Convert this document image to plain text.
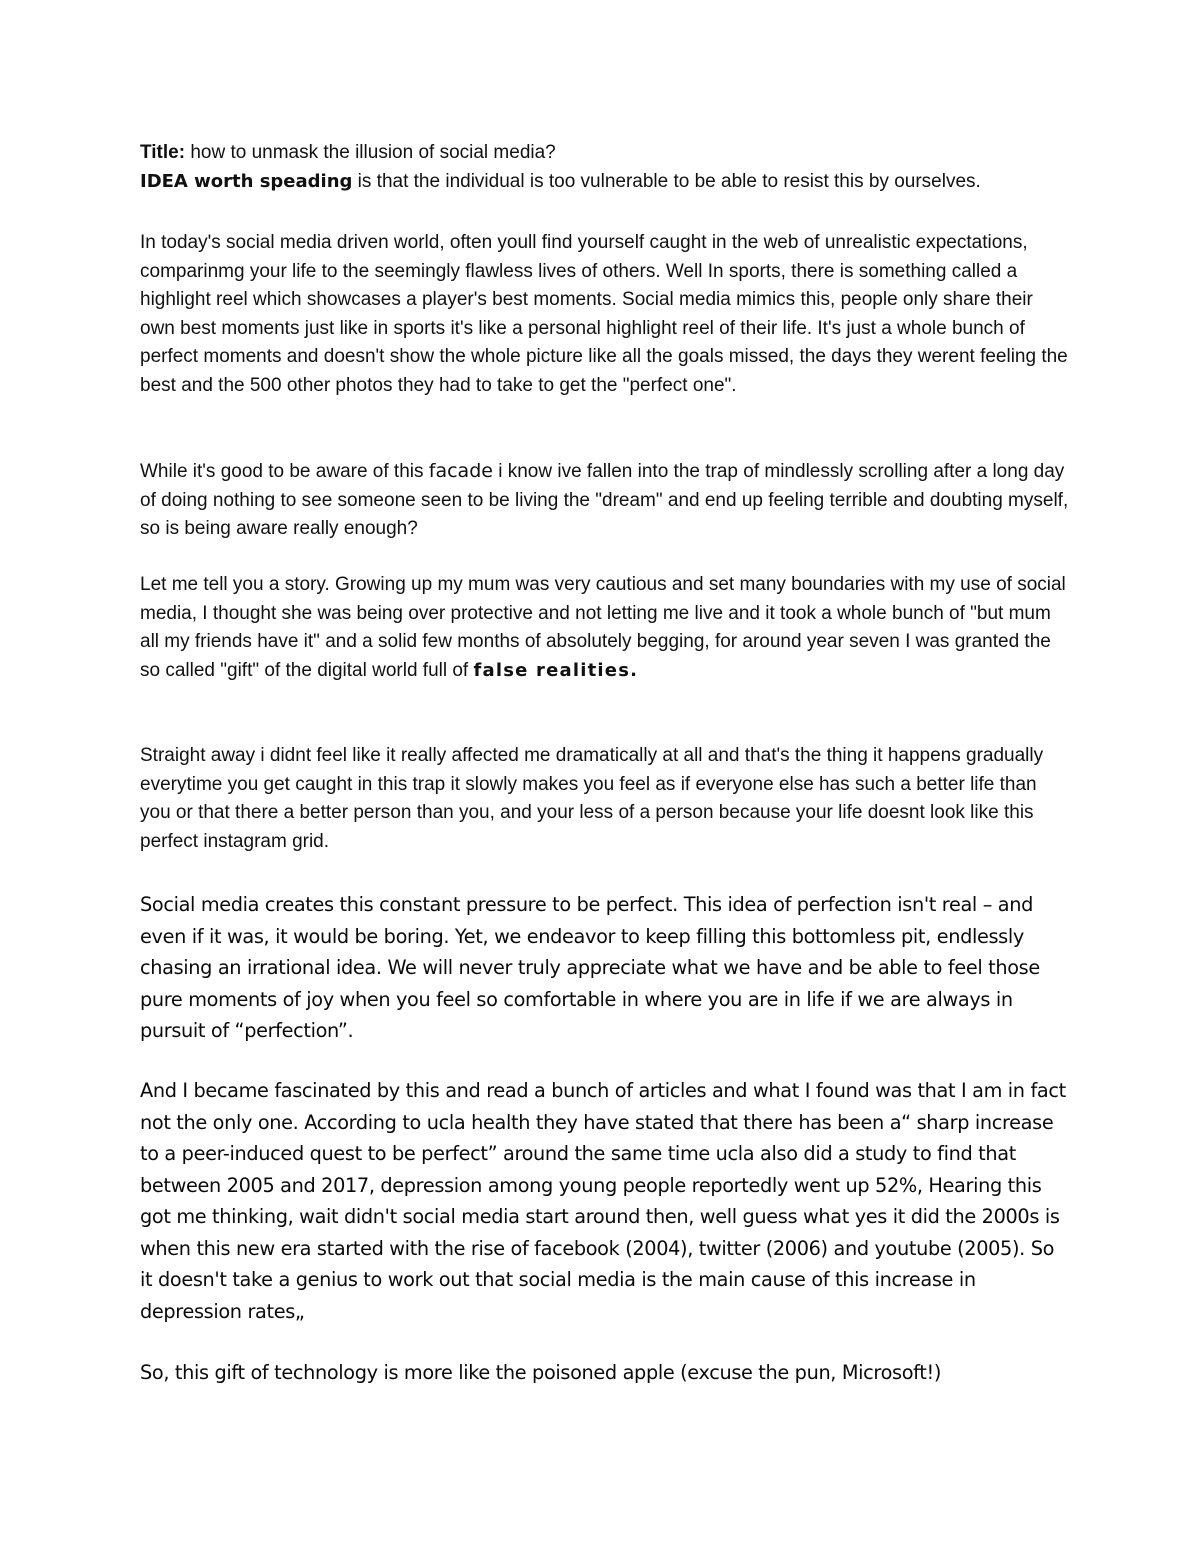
Title: how to unmask the illusion of social media?
IDEA worth speading is that the individual is too vulnerable to be able to resist this by ourselves.

In today's social media driven world, often youll find yourself caught in the web of unrealistic expectations, comparinmg your life to the seemingly flawless lives of others. Well In sports, there is something called a highlight reel which showcases a player's best moments. Social media mimics this, people only share their own best moments just like in sports it's like a personal highlight reel of their life. It's just a whole bunch of perfect moments and doesn't show the whole picture like all the goals missed, the days they werent feeling the best and the 500 other photos they had to take to get the "perfect one".

While it's good to be aware of this facade i know ive fallen into the trap of mindlessly scrolling after a long day of doing nothing to see someone seen to be living the "dream" and end up feeling terrible and doubting myself, so is being aware really enough?

Let me tell you a story. Growing up my mum was very cautious and set many boundaries with my use of social media, I thought she was being over protective and not letting me live and it took a whole bunch of "but mum all my friends have it" and a solid few months of absolutely begging, for around year seven I was granted the so called "gift" of the digital world full of false realities.

Straight away i didnt feel like it really affected me dramatically at all and that's the thing it happens gradually everytime you get caught in this trap it slowly makes you feel as if everyone else has such a better life than you or that there a better person than you, and your less of a person because your life doesnt look like this perfect instagram grid.

Social media creates this constant pressure to be perfect. This idea of perfection isn't real – and even if it was, it would be boring. Yet, we endeavor to keep filling this bottomless pit, endlessly chasing an irrational idea. We will never truly appreciate what we have and be able to feel those pure moments of joy when you feel so comfortable in where you are in life if we are always in pursuit of “perfection”.

And I became fascinated by this and read a bunch of articles and what I found was that I am in fact not the only one. According to ucla health they have stated that there has been a“ sharp increase to a peer-induced quest to be perfect” around the same time ucla also did a study to find that between 2005 and 2017, depression among young people reportedly went up 52%, Hearing this got me thinking, wait didn't social media start around then, well guess what yes it did the 2000s is when this new era started with the rise of facebook (2004), twitter (2006) and youtube (2005). So it doesn't take a genius to work out that social media is the main cause of this increase in depression rates„

So, this gift of technology is more like the poisoned apple (excuse the pun, Microsoft!)
